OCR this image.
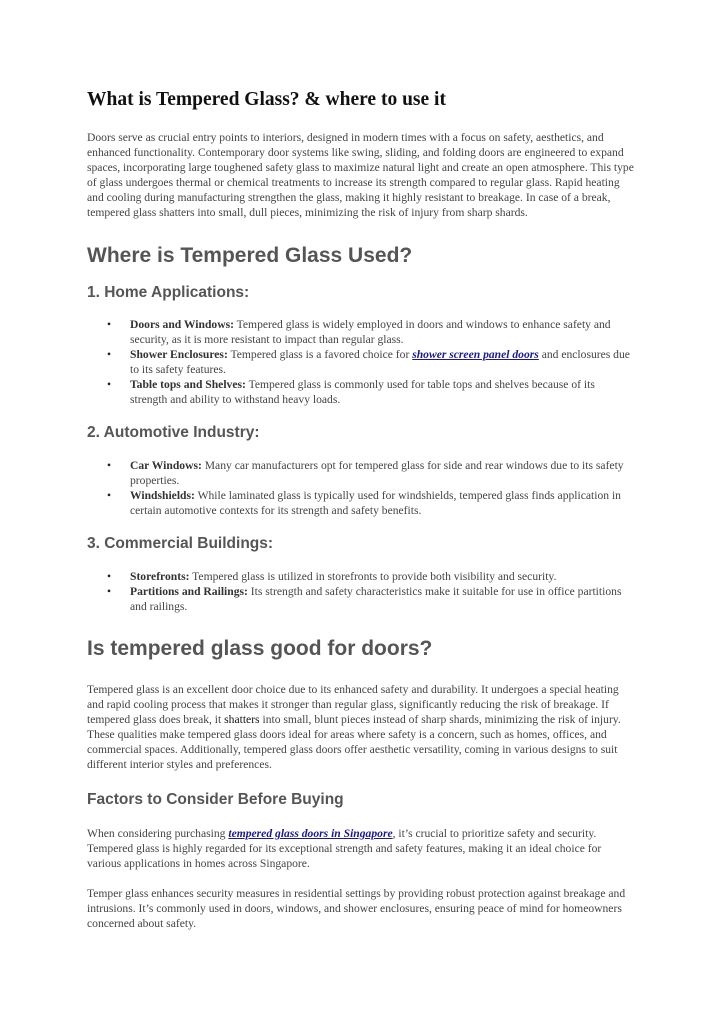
What is Tempered Glass? & where to use it

Doors serve as crucial entry points to interiors, designed in modern times with a focus on safety, aesthetics, and enhanced functionality. Contemporary door systems like swing, sliding, and folding doors are engineered to expand spaces, incorporating large toughened safety glass to maximize natural light and create an open atmosphere. This type of glass undergoes thermal or chemical treatments to increase its strength compared to regular glass. Rapid heating and cooling during manufacturing strengthen the glass, making it highly resistant to breakage. In case of a break, tempered glass shatters into small, dull pieces, minimizing the risk of injury from sharp shards.

Where is Tempered Glass Used?
1. Home Applications:
• Doors and Windows: Tempered glass is widely employed in doors and windows to enhance safety and security, as it is more resistant to impact than regular glass.
• Shower Enclosures: Tempered glass is a favored choice for shower screen panel doors and enclosures due to its safety features.
• Table tops and Shelves: Tempered glass is commonly used for table tops and shelves because of its strength and ability to withstand heavy loads.
2. Automotive Industry:
• Car Windows: Many car manufacturers opt for tempered glass for side and rear windows due to its safety properties.
• Windshields: While laminated glass is typically used for windshields, tempered glass finds application in certain automotive contexts for its strength and safety benefits.
3. Commercial Buildings:
• Storefronts: Tempered glass is utilized in storefronts to provide both visibility and security.
• Partitions and Railings: Its strength and safety characteristics make it suitable for use in office partitions and railings.
Is tempered glass good for doors?

Tempered glass is an excellent door choice due to its enhanced safety and durability. It undergoes a special heating and rapid cooling process that makes it stronger than regular glass, significantly reducing the risk of breakage. If tempered glass does break, it shatters into small, blunt pieces instead of sharp shards, minimizing the risk of injury. These qualities make tempered glass doors ideal for areas where safety is a concern, such as homes, offices, and commercial spaces. Additionally, tempered glass doors offer aesthetic versatility, coming in various designs to suit different interior styles and preferences.

Factors to Consider Before Buying

When considering purchasing tempered glass doors in Singapore, it’s crucial to prioritize safety and security. Tempered glass is highly regarded for its exceptional strength and safety features, making it an ideal choice for various applications in homes across Singapore.

Temper glass enhances security measures in residential settings by providing robust protection against breakage and intrusions. It’s commonly used in doors, windows, and shower enclosures, ensuring peace of mind for homeowners concerned about safety.
